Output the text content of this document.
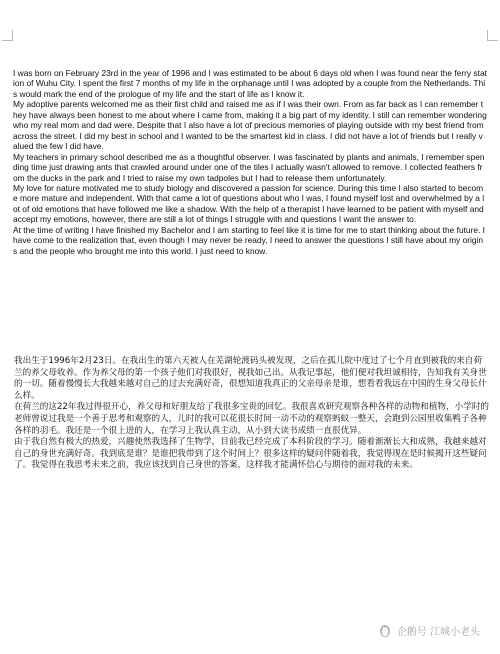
I was born on February 23rd in the year of 1996 and I was estimated to be about 6 days old when I was found near the ferry station of Wuhu City. I spent the first 7 months of my life in the orphanage until I was adopted by a couple from the Netherlands. This would mark the end of the prologue of my life and the start of life as I know it.

My adoptive parents welcomed me as their first child and raised me as if I was their own. From as far back as I can remember they have always been honest to me about where I came from, making it a big part of my identity. I still can remember wondering who my real mom and dad were. Despite that I also have a lot of precious memories of playing outside with my best friend from across the street. I did my best in school and I wanted to be the smartest kid in class. I did not have a lot of friends but I really valued the few I did have.

My teachers in primary school described me as a thoughtful observer. I was fascinated by plants and animals, I remember spending time just drawing ants that crawled around under one of the tiles I actually wasn't allowed to remove. I collected feathers from the ducks in the park and I tried to raise my own tadpoles but I had to release them unfortunately.

My love for nature motivated me to study biology and discovered a passion for science. During this time I also started to become more mature and independent. With that came a lot of questions about who I was, I found myself lost and overwhelmed by a lot of old emotions that have followed me like a shadow. With the help of a therapist I have learned to be patient with myself and accept my emotions, however, there are still a lot of things I struggle with and questions I want the answer to.

At the time of writing I have finished my Bachelor and I am starting to feel like it is time for me to start thinking about the future. I have come to the realization that, even though I may never be ready, I need to answer the questions I still have about my origins and the people who brought me into this world. I just need to know.

我出生于1996年2月23日。在我出生的第六天被人在芜湖轮渡码头被发现，之后在孤儿院中度过了七个月直到被我的来自荷兰的养父母收养。作为养父母的第一个孩子他们对我很好，视我如己出。从我记事起，他们便对我坦诚相待，告知我有关身世的一切。随着慢慢长大我越来越对自己的过去充满好奇，很想知道我真正的父亲母亲是谁，想看看我远在中国的生身父母长什么样。

在荷兰的这22年我过得很开心，养父母和好朋友给了我很多宝贵的回忆。我很喜欢研究观察各种各样的动物和植物，小学时的老师曾说过我是一个善于思考和观察的人，儿时的我可以花很长时间一动不动的观察蚂蚁一整天，会跑到公园里收集鸭子各种各样的羽毛。我还是一个很上进的人，在学习上我认真主动，从小到大读书成绩一直很优异。

由于我自然有极大的热爱，兴趣使然我选择了生物学，目前我已经完成了本科阶段的学习。随着渐渐长大和成熟，我越来越对自己的身世充满好奇。我到底是谁？是谁把我带到了这个时间上？很多这样的疑问伴随着我，我觉得现在是时候揭开这些疑问了。我觉得在我思考未来之前，我应该找到自己身世的答案，这样我才能满怀信心与期待的面对我的未来。

企鹅号 江城小老头
